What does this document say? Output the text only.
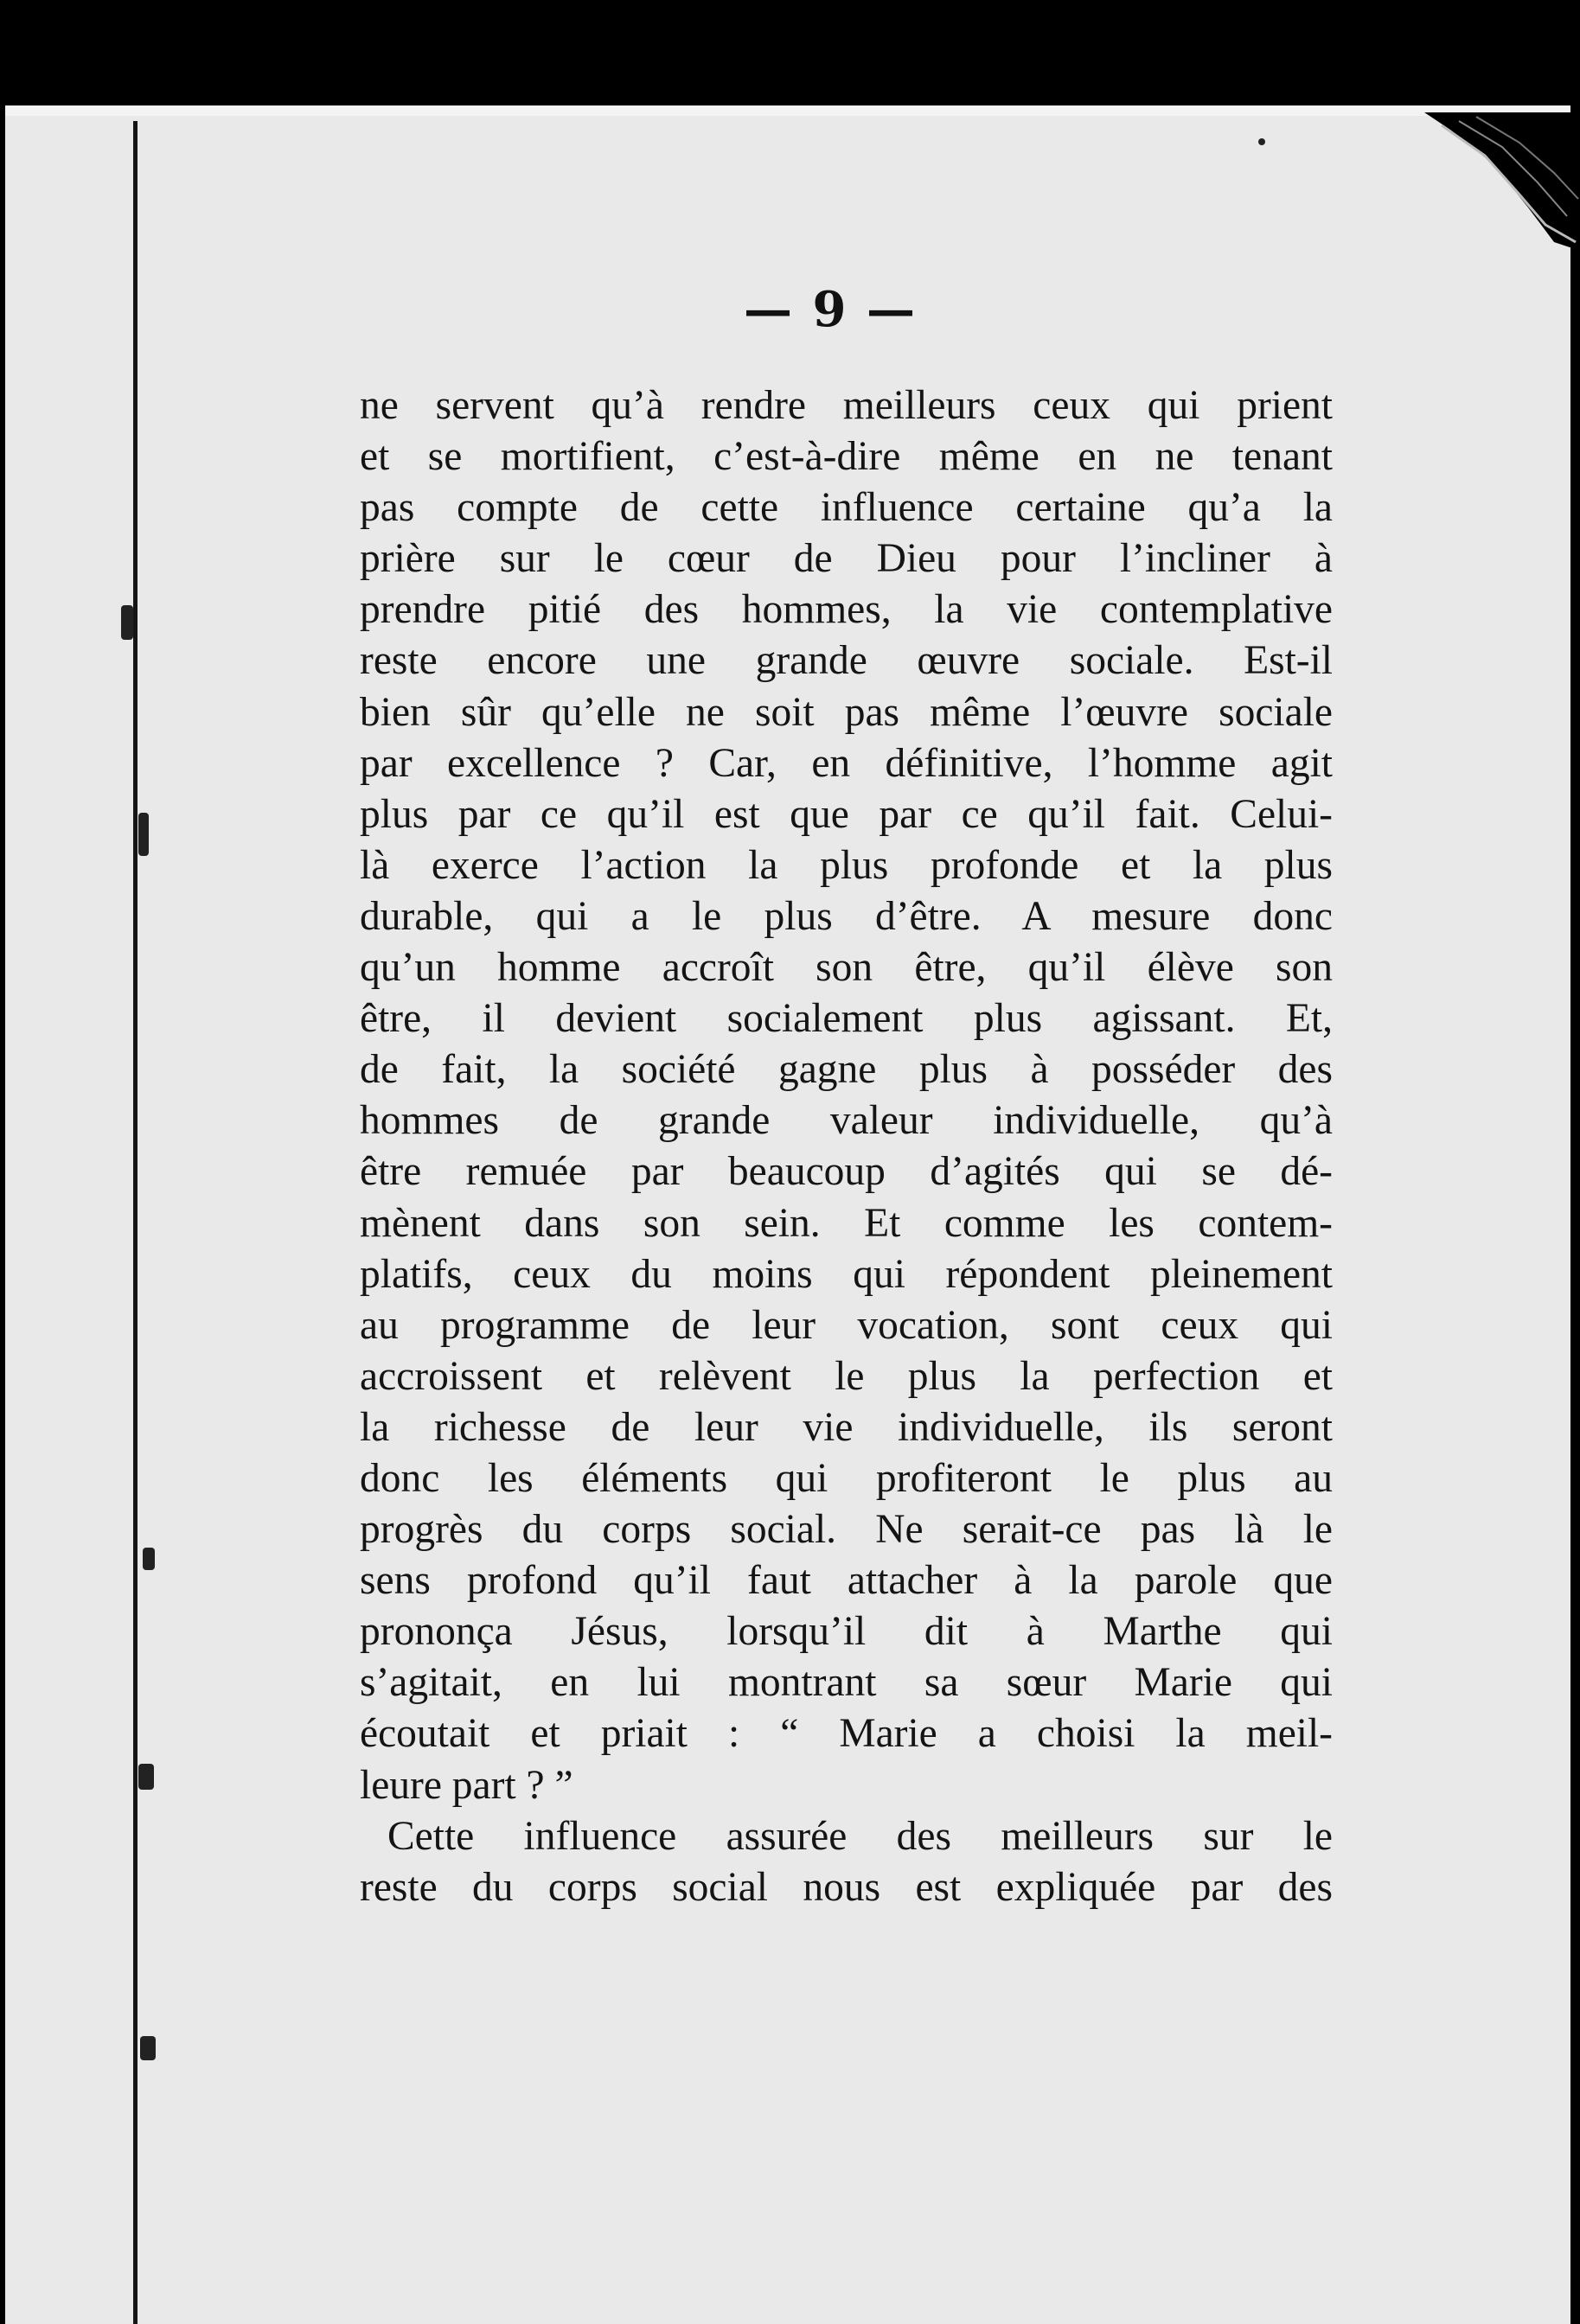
— 9 —
ne servent qu’à rendre meilleurs ceux qui prient
et se mortifient, c’est-à-dire même en ne tenant
pas compte de cette influence certaine qu’a la
prière sur le cœur de Dieu pour l’incliner à
prendre pitié des hommes, la vie contemplative
reste encore une grande œuvre sociale. Est-il
bien sûr qu’elle ne soit pas même l’œuvre sociale
par excellence ? Car, en définitive, l’homme agit
plus par ce qu’il est que par ce qu’il fait. Celui-
là exerce l’action la plus profonde et la plus
durable, qui a le plus d’être. A mesure donc
qu’un homme accroît son être, qu’il élève son
être, il devient socialement plus agissant. Et,
de fait, la société gagne plus à posséder des
hommes de grande valeur individuelle, qu’à
être remuée par beaucoup d’agités qui se dé-
mènent dans son sein. Et comme les contem-
platifs, ceux du moins qui répondent pleinement
au programme de leur vocation, sont ceux qui
accroissent et relèvent le plus la perfection et
la richesse de leur vie individuelle, ils seront
donc les éléments qui profiteront le plus au
progrès du corps social. Ne serait-ce pas là le
sens profond qu’il faut attacher à la parole que
prononça Jésus, lorsqu’il dit à Marthe qui
s’agitait, en lui montrant sa sœur Marie qui
écoutait et priait : “ Marie a choisi la meil-
leure part ? ”
Cette influence assurée des meilleurs sur le
reste du corps social nous est expliquée par des
